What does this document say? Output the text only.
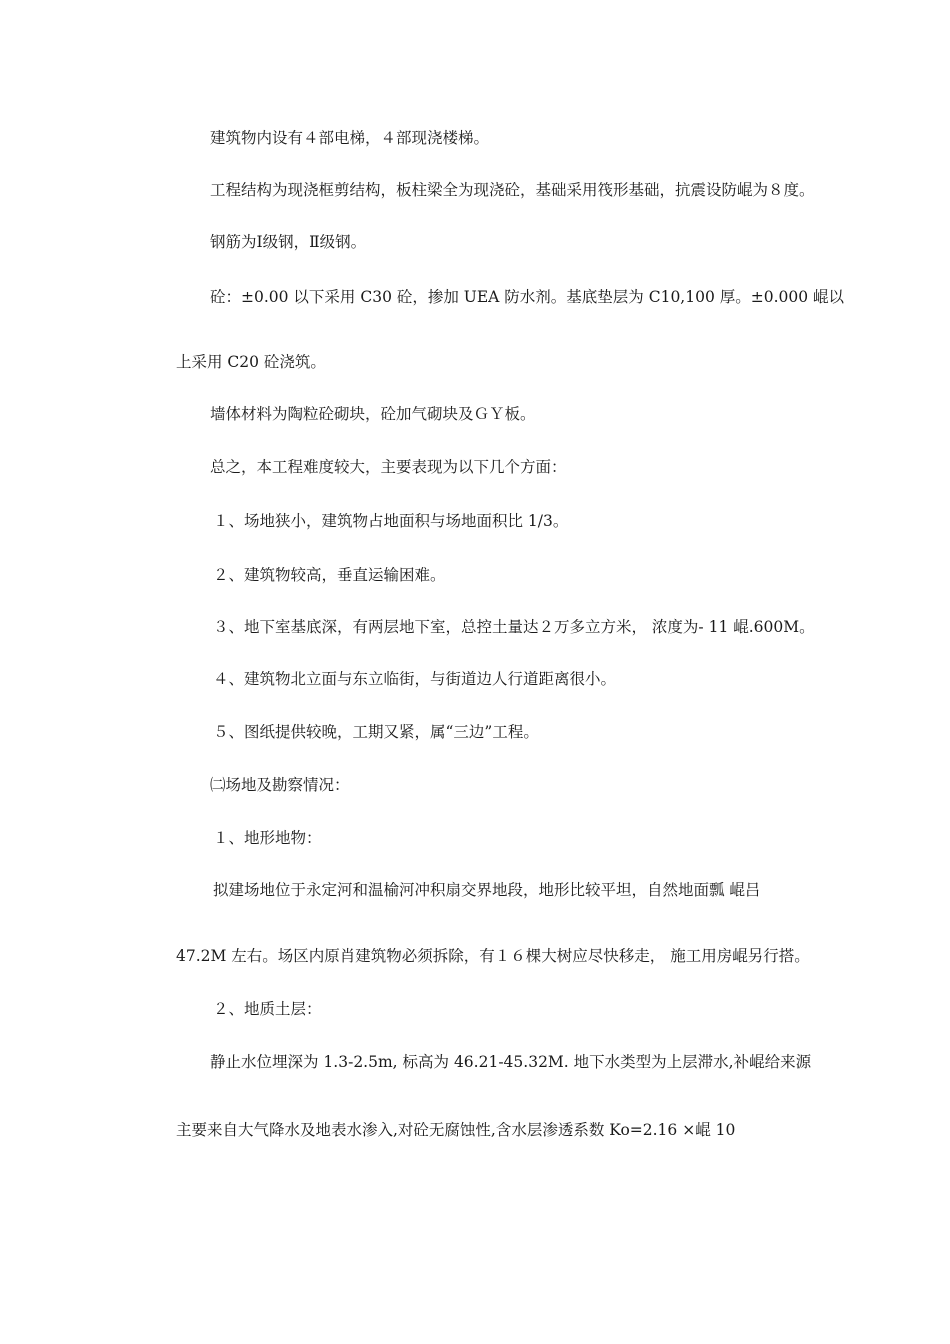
建筑物内设有４部电梯，４部现浇楼梯。
工程结构为现浇框剪结构，板柱梁全为现浇砼，基础采用筏形基础，抗震设防崐为８度。
钢筋为Ⅰ级钢，Ⅱ级钢。
砼：±0.00 以下采用 C30 砼，掺加 UEA 防水剂。基底垫层为 C10,100 厚。±0.000 崐以
上采用 C20 砼浇筑。
墙体材料为陶粒砼砌块，砼加气砌块及ＧＹ板。
总之，本工程难度较大，主要表现为以下几个方面：
１、场地狭小，建筑物占地面积与场地面积比 1/3。
２、建筑物较高，垂直运输困难。
３、地下室基底深，有两层地下室，总控土量达２万多立方米， 浓度为- 11 崐.600M。
４、建筑物北立面与东立临街，与街道边人行道距离很小。
５、图纸提供较晚，工期又紧，属“三边”工程。
㈡场地及勘察情况：
１、地形地物：
拟建场地位于永定河和温榆河冲积扇交界地段，地形比较平坦，自然地面瓢 崐吕
47.2M 左右。场区内原肖建筑物必须拆除，有１６棵大树应尽快移走， 施工用房崐另行搭。
２、地质土层：
静止水位埋深为 1.3-2.5m, 标高为 46.21-45.32M. 地下水类型为上层滞水,补崐给来源
主要来自大气降水及地表水渗入,对砼无腐蚀性,含水层渗透系数 Ko=2.16 ×崐 10
